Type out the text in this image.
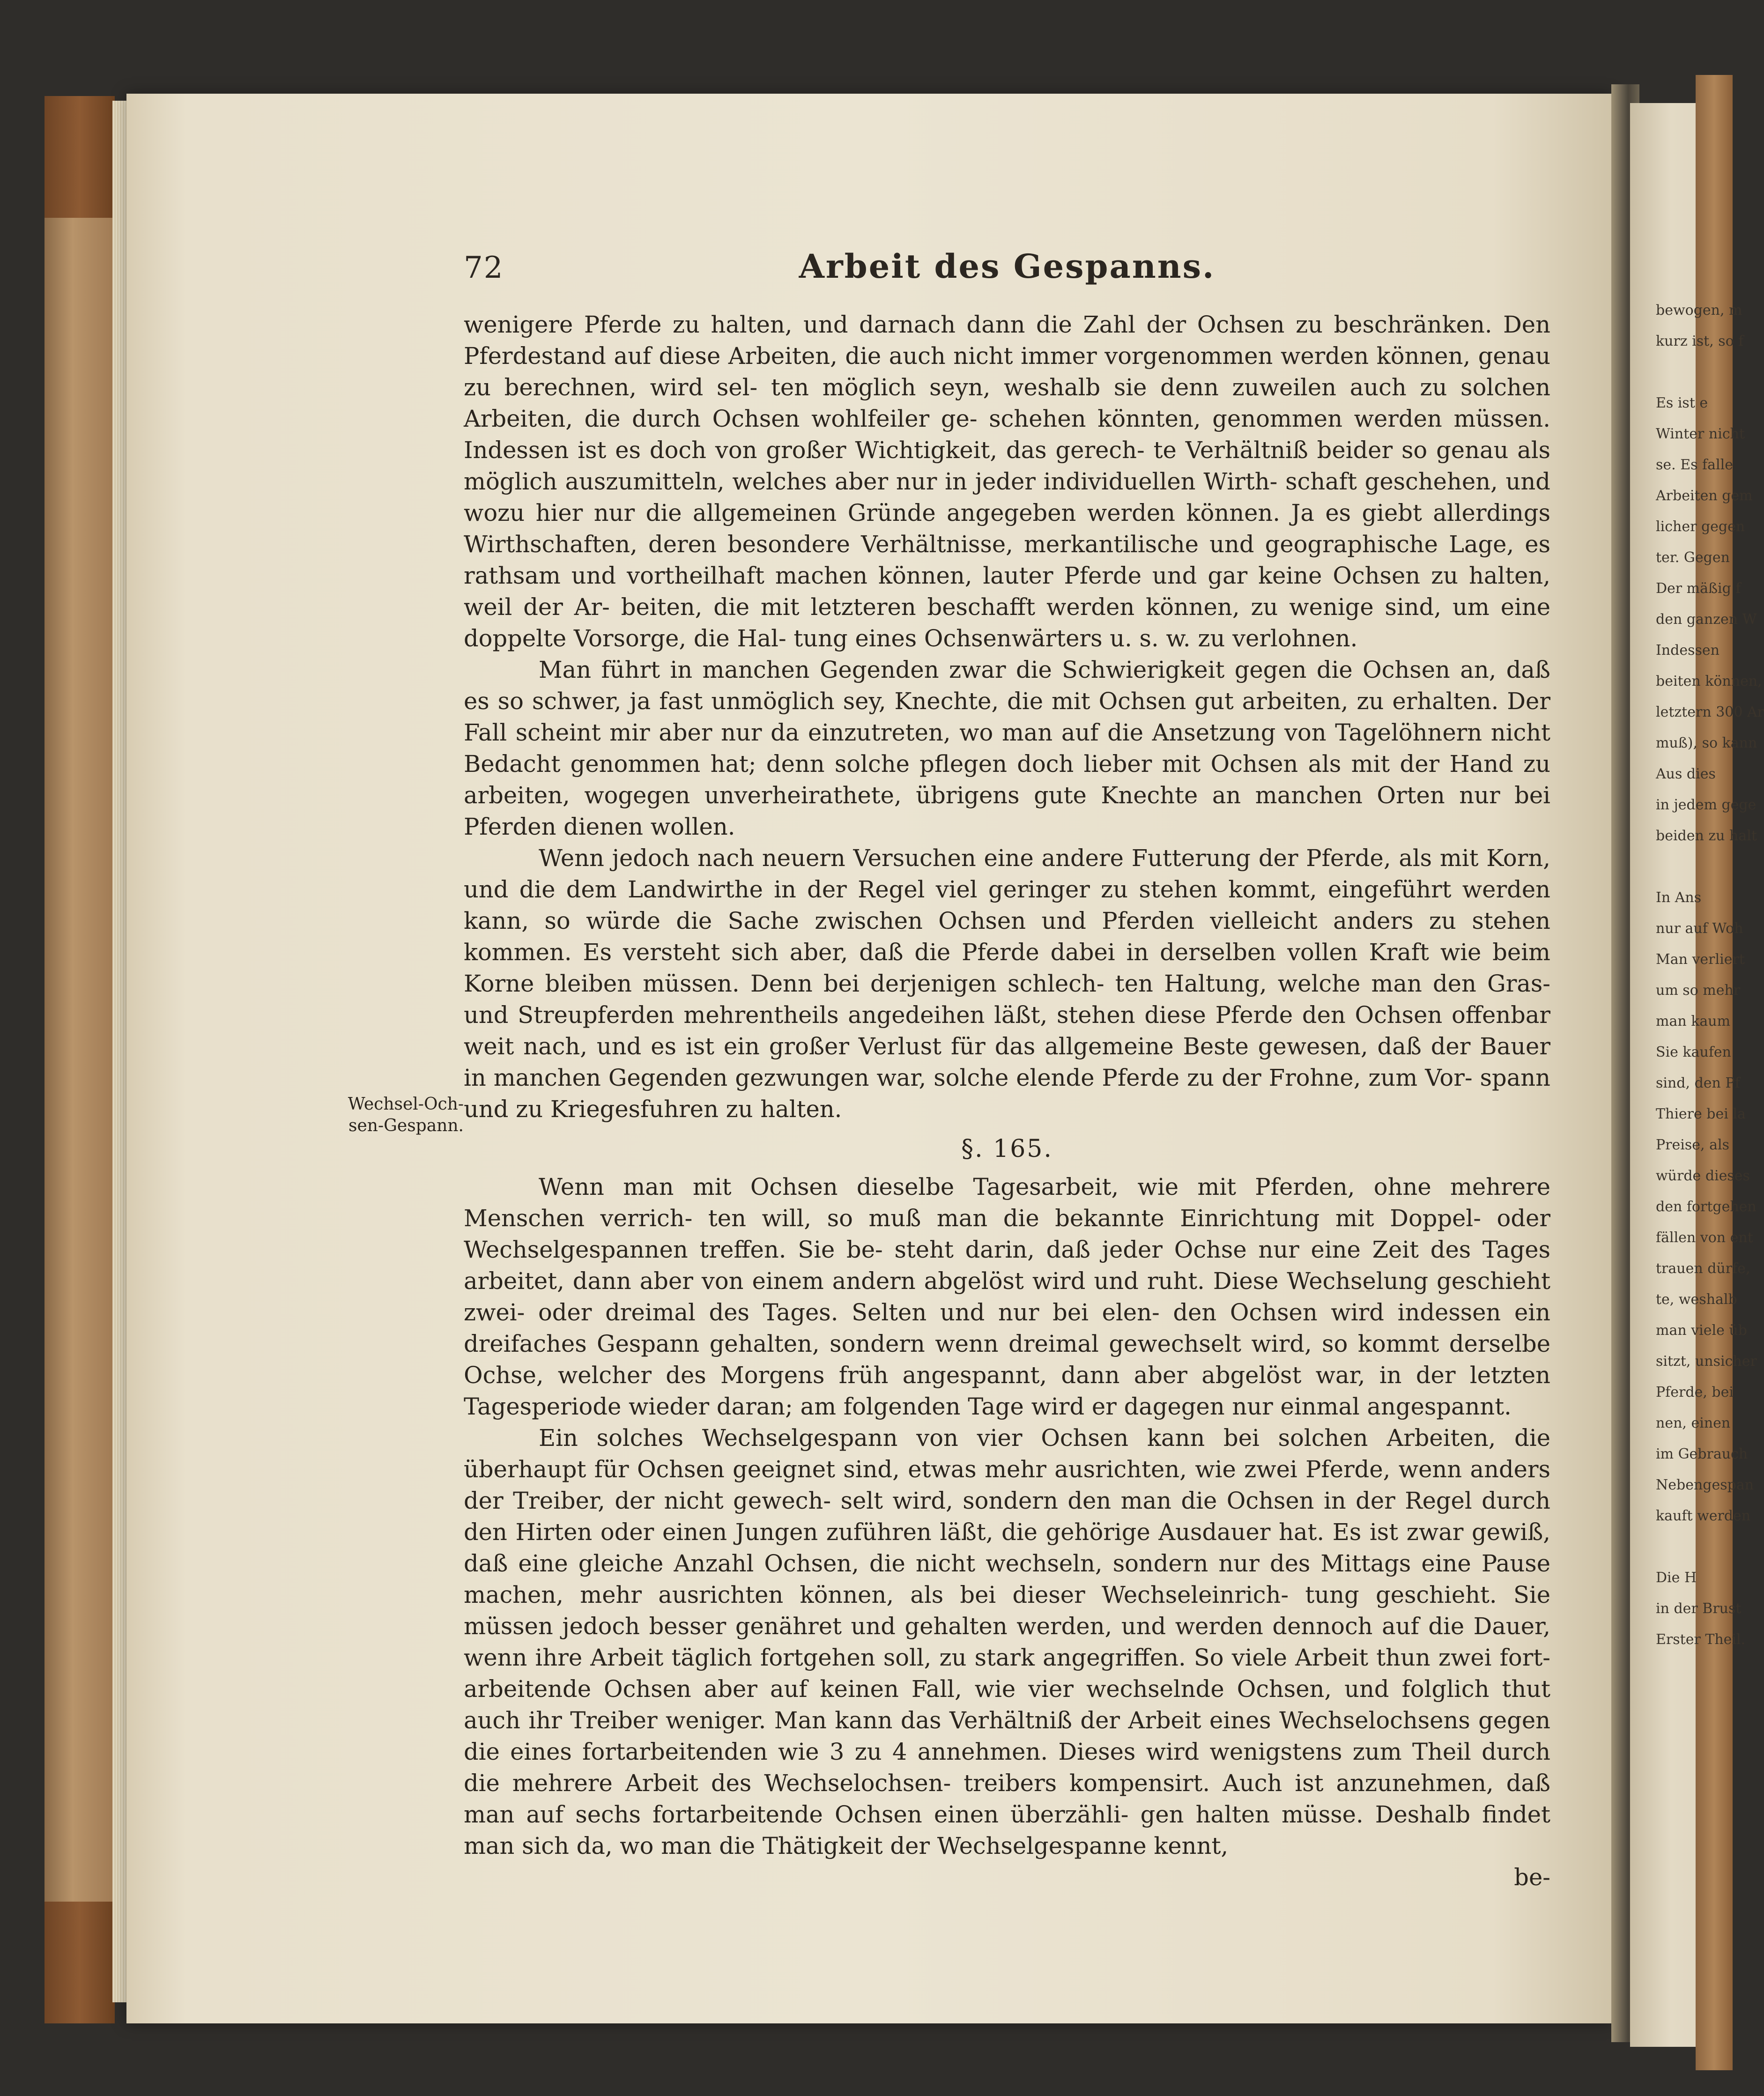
72	Arbeit des Gespanns.
Wechsel-Och- sen-Gespann.

wenigere Pferde zu halten, und darnach dann die Zahl der Ochsen zu beschränken. Den Pferdestand auf diese Arbeiten, die auch nicht immer vorgenommen werden können, genau zu berechnen, wird sel- ten möglich seyn, weshalb sie denn zuweilen auch zu solchen Arbeiten, die durch Ochsen wohlfeiler ge- schehen könnten, genommen werden müssen. Indessen ist es doch von großer Wichtigkeit, das gerech- te Verhältniß beider so genau als möglich auszumitteln, welches aber nur in jeder individuellen Wirth- schaft geschehen, und wozu hier nur die allgemeinen Gründe angegeben werden können. Ja es giebt allerdings Wirthschaften, deren besondere Verhältnisse, merkantilische und geographische Lage, es rathsam und vortheilhaft machen können, lauter Pferde und gar keine Ochsen zu halten, weil der Ar- beiten, die mit letzteren beschafft werden können, zu wenige sind, um eine doppelte Vorsorge, die Hal- tung eines Ochsenwärters u. s. w. zu verlohnen.

Man führt in manchen Gegenden zwar die Schwierigkeit gegen die Ochsen an, daß es so schwer, ja fast unmöglich sey, Knechte, die mit Ochsen gut arbeiten, zu erhalten. Der Fall scheint mir aber nur da einzutreten, wo man auf die Ansetzung von Tagelöhnern nicht Bedacht genommen hat; denn solche pflegen doch lieber mit Ochsen als mit der Hand zu arbeiten, wogegen unverheirathete, übrigens gute Knechte an manchen Orten nur bei Pferden dienen wollen.

Wenn jedoch nach neuern Versuchen eine andere Futterung der Pferde, als mit Korn, und die dem Landwirthe in der Regel viel geringer zu stehen kommt, eingeführt werden kann, so würde die Sache zwischen Ochsen und Pferden vielleicht anders zu stehen kommen. Es versteht sich aber, daß die Pferde dabei in derselben vollen Kraft wie beim Korne bleiben müssen. Denn bei derjenigen schlech- ten Haltung, welche man den Gras- und Streupferden mehrentheils angedeihen läßt, stehen diese Pferde den Ochsen offenbar weit nach, und es ist ein großer Verlust für das allgemeine Beste gewesen, daß der Bauer in manchen Gegenden gezwungen war, solche elende Pferde zu der Frohne, zum Vor- spann und zu Kriegesfuhren zu halten.

§. 165.

Wenn man mit Ochsen dieselbe Tagesarbeit, wie mit Pferden, ohne mehrere Menschen verrich- ten will, so muß man die bekannte Einrichtung mit Doppel- oder Wechselgespannen treffen. Sie be- steht darin, daß jeder Ochse nur eine Zeit des Tages arbeitet, dann aber von einem andern abgelöst wird und ruht. Diese Wechselung geschieht zwei- oder dreimal des Tages. Selten und nur bei elen- den Ochsen wird indessen ein dreifaches Gespann gehalten, sondern wenn dreimal gewechselt wird, so kommt derselbe Ochse, welcher des Morgens früh angespannt, dann aber abgelöst war, in der letzten Tagesperiode wieder daran; am folgenden Tage wird er dagegen nur einmal angespannt.

Ein solches Wechselgespann von vier Ochsen kann bei solchen Arbeiten, die überhaupt für Ochsen geeignet sind, etwas mehr ausrichten, wie zwei Pferde, wenn anders der Treiber, der nicht gewech- selt wird, sondern den man die Ochsen in der Regel durch den Hirten oder einen Jungen zuführen läßt, die gehörige Ausdauer hat. Es ist zwar gewiß, daß eine gleiche Anzahl Ochsen, die nicht wechseln, sondern nur des Mittags eine Pause machen, mehr ausrichten können, als bei dieser Wechseleinrich- tung geschieht. Sie müssen jedoch besser genähret und gehalten werden, und werden dennoch auf die Dauer, wenn ihre Arbeit täglich fortgehen soll, zu stark angegriffen. So viele Arbeit thun zwei fort- arbeitende Ochsen aber auf keinen Fall, wie vier wechselnde Ochsen, und folglich thut auch ihr Treiber weniger. Man kann das Verhältniß der Arbeit eines Wechselochsens gegen die eines fortarbeitenden wie 3 zu 4 annehmen. Dieses wird wenigstens zum Theil durch die mehrere Arbeit des Wechselochsen- treibers kompensirt. Auch ist anzunehmen, daß man auf sechs fortarbeitende Ochsen einen überzähli- gen halten müsse. Deshalb findet man sich da, wo man die Thätigkeit der Wechselgespanne kennt,

be-

bewogen, m
kurz ist, so f
Es ist e
Winter nicht
se. Es falle
Arbeiten gem
licher gegen
ter. Gegen
Der mäßig f
den ganzen W
Indessen
beiten können,
letztern 300 Ar
muß), so kann
Aus dies
in jedem gege
beiden zu halt
In Ans
nur auf Woh
Man verliert
um so mehr
man kaum
Sie kaufen
sind, den Pf
Thiere bei la
Preise, als
würde dieses
den fortgehen
fällen von ent
trauen dürfe,
te, weshalb
man viele üb
sitzt, unsicher
Pferde, bei
nen, einen
im Gebrauch
Nebengespan
kauft werden
Die H
in der Brust
Erster Theil.
